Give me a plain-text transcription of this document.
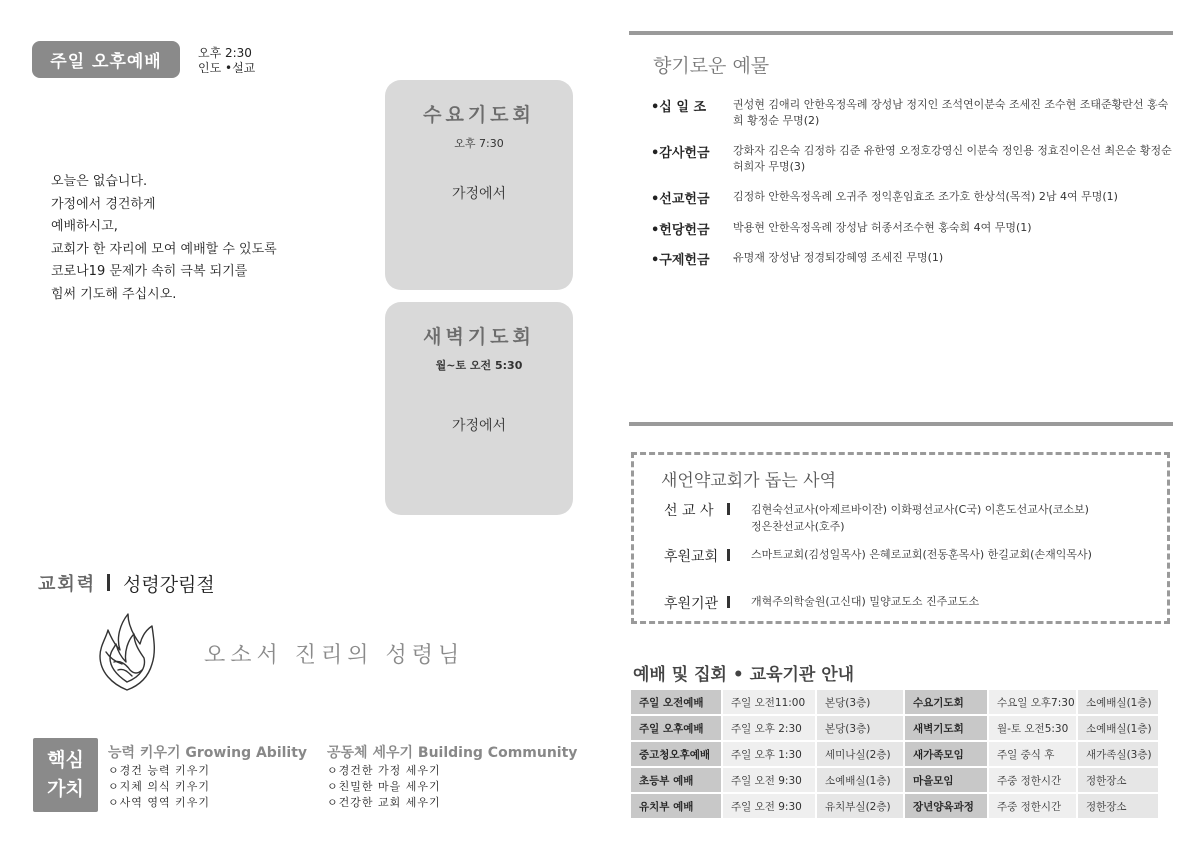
주일 오후예배	오후 2:30
인도 •설교
오늘은 없습니다.
가정에서 경건하게
예배하시고,
교회가 한 자리에 모여 예배할 수 있도록
코로나19 문제가 속히 극복 되기를
힘써 기도해 주십시오.
수요기도회
오후 7:30
가정에서
새벽기도회
월~토 오전 5:30
가정에서
교회력 성령강림절
오소서 진리의 성령님
핵심
가치
능력 키우기 Growing Ability
ㅇ경건 능력 키우기
ㅇ지체 의식 키우기
ㅇ사역 영역 키우기
공동체 세우기 Building Community
ㅇ경건한 가정 세우기
ㅇ친밀한 마을 세우기
ㅇ건강한 교회 세우기
향기로운 예물
•십 일 조 권성현 김애리 안한옥정옥례 장성남 정지인 조석연이분숙 조세진 조수현 조태준황란선 홍숙희 황정순 무명(2)
•감사헌금 강화자 김은숙 김정하 김준 유한영 오정호강영신 이분숙 정인용 정효진이은선 최은순 황정순 허희자 무명(3)
•선교헌금 김정하 안한옥정옥례 오귀주 정익훈임효조 조가호 한상석(목적) 2남 4여 무명(1)
•헌당헌금 박용현 안한옥정옥례 장성남 허종서조수현 홍숙희 4여 무명(1)
•구제헌금 유명재 장성남 정경퇴강혜영 조세진 무명(1)
새언약교회가 돕는 사역
선 교 사	김현숙선교사(아제르바이잔) 이화평선교사(C국) 이흔도선교사(코소보)
정은찬선교사(호주)
후원교회	스마트교회(김성일목사) 은혜로교회(전동훈목사) 한길교회(손재익목사)
후원기관	개혁주의학술원(고신대) 밀양교도소 진주교도소
예배 및 집회 • 교육기관 안내
주일 오전예배	주일 오전11:00	본당(3층)	수요기도회	수요일 오후7:30	소예배실(1층)
주일 오후예배	주일 오후 2:30	본당(3층)	새벽기도회	월-토 오전5:30	소예배실(1층)
중고청오후예배	주일 오후 1:30	세미나실(2층)	새가족모임	주일 중식 후	새가족실(3층)
초등부 예배	주일 오전 9:30	소예배실(1층)	마을모임	주중 정한시간	정한장소
유치부 예배	주일 오전 9:30	유치부실(2층)	장년양육과정	주중 정한시간	정한장소
